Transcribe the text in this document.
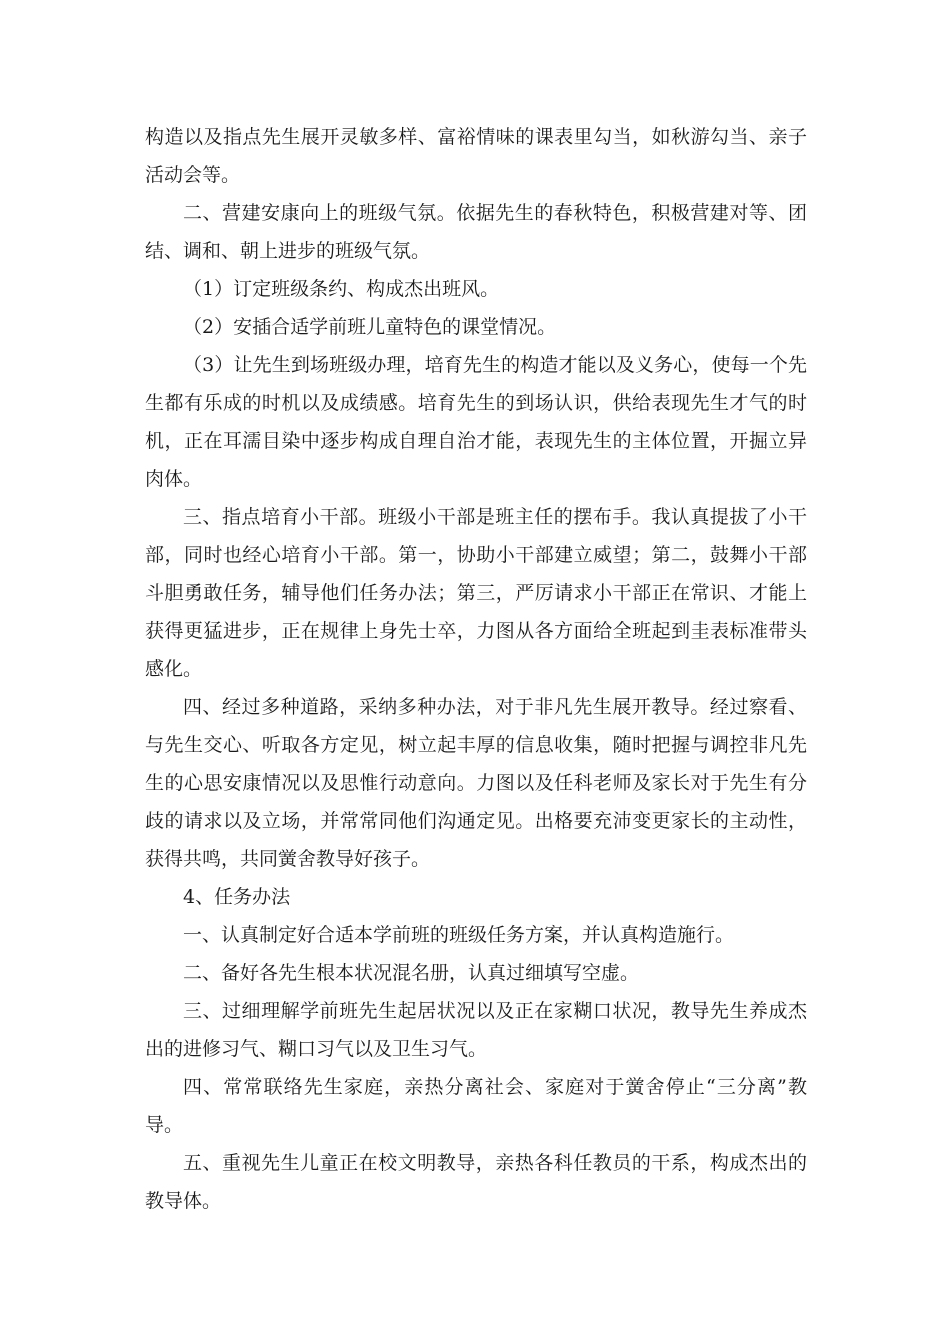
构造以及指点先生展开灵敏多样、富裕情味的课表里勾当，如秋游勾当、亲子活动会等。

二、营建安康向上的班级气氛。依据先生的春秋特色，积极营建对等、团结、调和、朝上进步的班级气氛。

（1）订定班级条约、构成杰出班风。

（2）安插合适学前班儿童特色的课堂情况。

（3）让先生到场班级办理，培育先生的构造才能以及义务心，使每一个先生都有乐成的时机以及成绩感。培育先生的到场认识，供给表现先生才气的时机，正在耳濡目染中逐步构成自理自治才能，表现先生的主体位置，开掘立异肉体。

三、指点培育小干部。班级小干部是班主任的摆布手。我认真提拔了小干部，同时也经心培育小干部。第一，协助小干部建立威望；第二，鼓舞小干部斗胆勇敢任务，辅导他们任务办法；第三，严厉请求小干部正在常识、才能上获得更猛进步，正在规律上身先士卒，力图从各方面给全班起到圭表标准带头感化。

四、经过多种道路，采纳多种办法，对于非凡先生展开教导。经过察看、与先生交心、听取各方定见，树立起丰厚的信息收集，随时把握与调控非凡先生的心思安康情况以及思惟行动意向。力图以及任科老师及家长对于先生有分歧的请求以及立场，并常常同他们沟通定见。出格要充沛变更家长的主动性，获得共鸣，共同黉舍教导好孩子。

4、任务办法

一、认真制定好合适本学前班的班级任务方案，并认真构造施行。

二、备好各先生根本状况混名册，认真过细填写空虚。

三、过细理解学前班先生起居状况以及正在家糊口状况，教导先生养成杰出的进修习气、糊口习气以及卫生习气。

四、常常联络先生家庭，亲热分离社会、家庭对于黉舍停止“三分离”教导。

五、重视先生儿童正在校文明教导，亲热各科任教员的干系，构成杰出的教导体。
